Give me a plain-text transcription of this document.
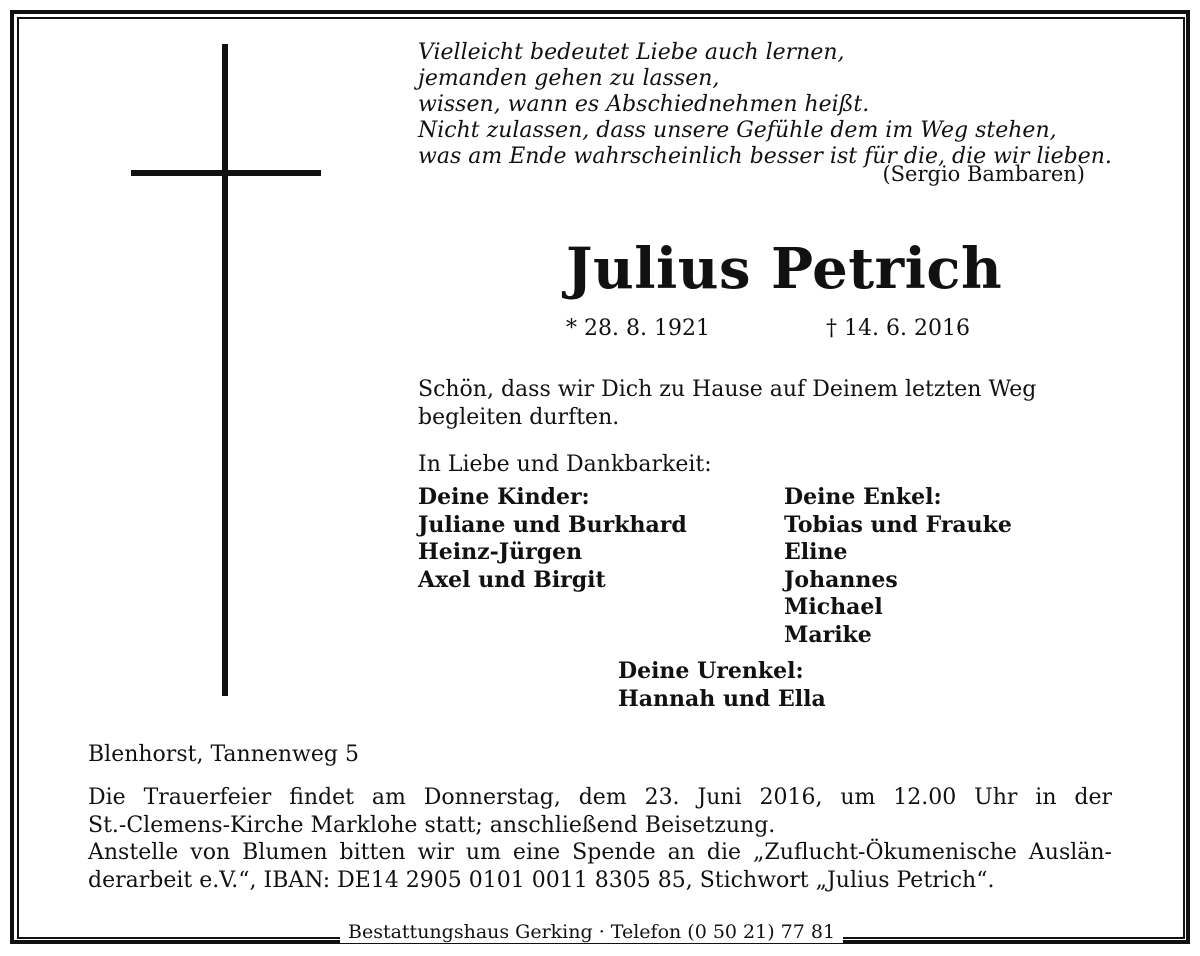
Vielleicht bedeutet Liebe auch lernen,
jemanden gehen zu lassen,
wissen, wann es Abschiednehmen heißt.
Nicht zulassen, dass unsere Gefühle dem im Weg stehen,
was am Ende wahrscheinlich besser ist für die, die wir lieben.
(Sergio Bambaren)
Julius Petrich
* 28. 8. 1921	† 14. 6. 2016
Schön, dass wir Dich zu Hause auf Deinem letzten Weg
begleiten durften.
In Liebe und Dankbarkeit:
Deine Kinder:
Juliane und Burkhard
Heinz-Jürgen
Axel und Birgit
Deine Enkel:
Tobias und Frauke
Eline
Johannes
Michael
Marike
Deine Urenkel:
Hannah und Ella
Blenhorst, Tannenweg 5
Die Trauerfeier findet am Donnerstag, dem 23. Juni 2016, um 12.00 Uhr in der
St.-Clemens-Kirche Marklohe statt; anschließend Beisetzung.
Anstelle von Blumen bitten wir um eine Spende an die „Zuflucht-Ökumenische Auslän-
derarbeit e.V.“, IBAN: DE14 2905 0101 0011 8305 85, Stichwort „Julius Petrich“.
Bestattungshaus Gerking · Telefon (0 50 21) 77 81
